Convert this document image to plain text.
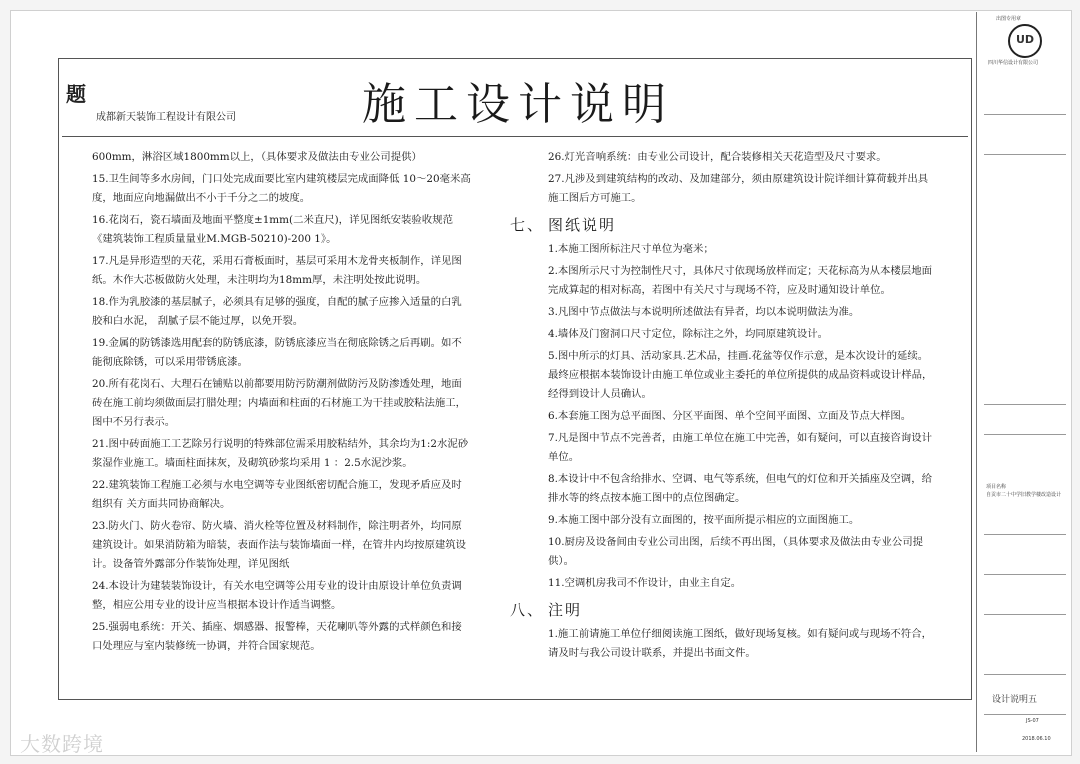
题
成都新天装饰工程设计有限公司	施工设计说明
600mm，淋浴区域1800mm以上，（具体要求及做法由专业公司提供）
15.卫生间等多水房间，门口处完成面要比室内建筑楼层完成面降低 10～20毫米高度，地面应向地漏做出不小于千分之二的坡度。
16.花岗石，瓷石墙面及地面平整度±1mm(二米直尺)，详见图纸安装验收规范《建筑装饰工程质量量业M.MGB-50210)-200 1》。
17.凡是异形造型的天花，采用石膏板面时，基层可采用木龙骨夹板制作，详见图纸。木作大芯板做防火处理，未注明均为18mm厚，未注明处按此说明。
18.作为乳胶漆的基层腻子，必须具有足够的强度，自配的腻子应掺入适量的白乳胶和白水泥， 刮腻子层不能过厚，以免开裂。
19.金属的防锈漆选用配套的防锈底漆，防锈底漆应当在彻底除锈之后再刷。如不能彻底除锈，可以采用带锈底漆。
20.所有花岗石、大理石在铺贴以前都要用防污防潮剂做防污及防渗透处理，地面砖在施工前均须做面层打腊处理；内墙面和柱面的石材施工为干挂或胶粘法施工，图中不另行表示。
21.图中砖面施工工艺除另行说明的特殊部位需采用胶粘结外，其余均为1:2水泥砂浆湿作业施工。墙面柱面抹灰，及砌筑砂浆均采用 1 ：2.5水泥沙浆。
22.建筑装饰工程施工必须与水电空调等专业图纸密切配合施工，发现矛盾应及时组织有 关方面共同协商解决。
23.防火门、防火卷帘、防火墙、消火栓等位置及材料制作，除注明者外，均同原建筑设计。如果消防箱为暗装，表面作法与装饰墙面一样，在管井内均按原建筑设计。设备管外露部分作装饰处理，详见图纸
24.本设计为建装装饰设计，有关水电空调等公用专业的设计由原设计单位负责调整，相应公用专业的设计应当根据本设计作适当调整。
25.强弱电系统：开关、插座、烟感器、报警棒，天花喇叭等外露的式样颜色和接口处理应与室内装修统一协调，并符合国家规范。
26.灯光音响系统：由专业公司设计，配合装修相关天花造型及尺寸要求。
27.凡涉及到建筑结构的改动、及加建部分，须由原建筑设计院详细计算荷载并出具施工图后方可施工。
七、 图纸说明
1.本施工图所标注尺寸单位为毫米；
2.本图所示尺寸为控制性尺寸，具体尺寸依现场放样而定；天花标高为从本楼层地面完成算起的相对标高，若图中有关尺寸与现场不符，应及时通知设计单位。
3.凡图中节点做法与本说明所述做法有异者，均以本说明做法为准。
4.墙体及门窗洞口尺寸定位，除标注之外，均同原建筑设计。
5.图中所示的灯具、活动家具.艺术品，挂画.花盆等仅作示意，是本次设计的延续。最终应根据本装饰设计由施工单位或业主委托的单位所提供的成品资料或设计样品，经得到设计人员确认。
6.本套施工图为总平面图、分区平面图、单个空间平面图、立面及节点大样图。
7.凡是图中节点不完善者，由施工单位在施工中完善，如有疑问，可以直接咨询设计单位。
8.本设计中不包含给排水、空调、电气等系统，但电气的灯位和开关插座及空调，给排水等的终点按本施工图中的点位图确定。
9.本施工图中部分没有立面图的，按平面所提示相应的立面图施工。
10.厨房及设备间由专业公司出图，后续不再出图，（具体要求及做法由专业公司提供）。
11.空调机房我司不作设计，由业主自定。
八、 注明
1.施工前请施工单位仔细阅读施工图纸，做好现场复核。如有疑问或与现场不符合，请及时与我公司设计联系，并提出书面文件。
出图专用章
UD
四川华信设计有限公司
项目名称
自贡市二十中学旧教学楼改造设计
设计说明五
JS-07
2018.06.10
大数跨境
